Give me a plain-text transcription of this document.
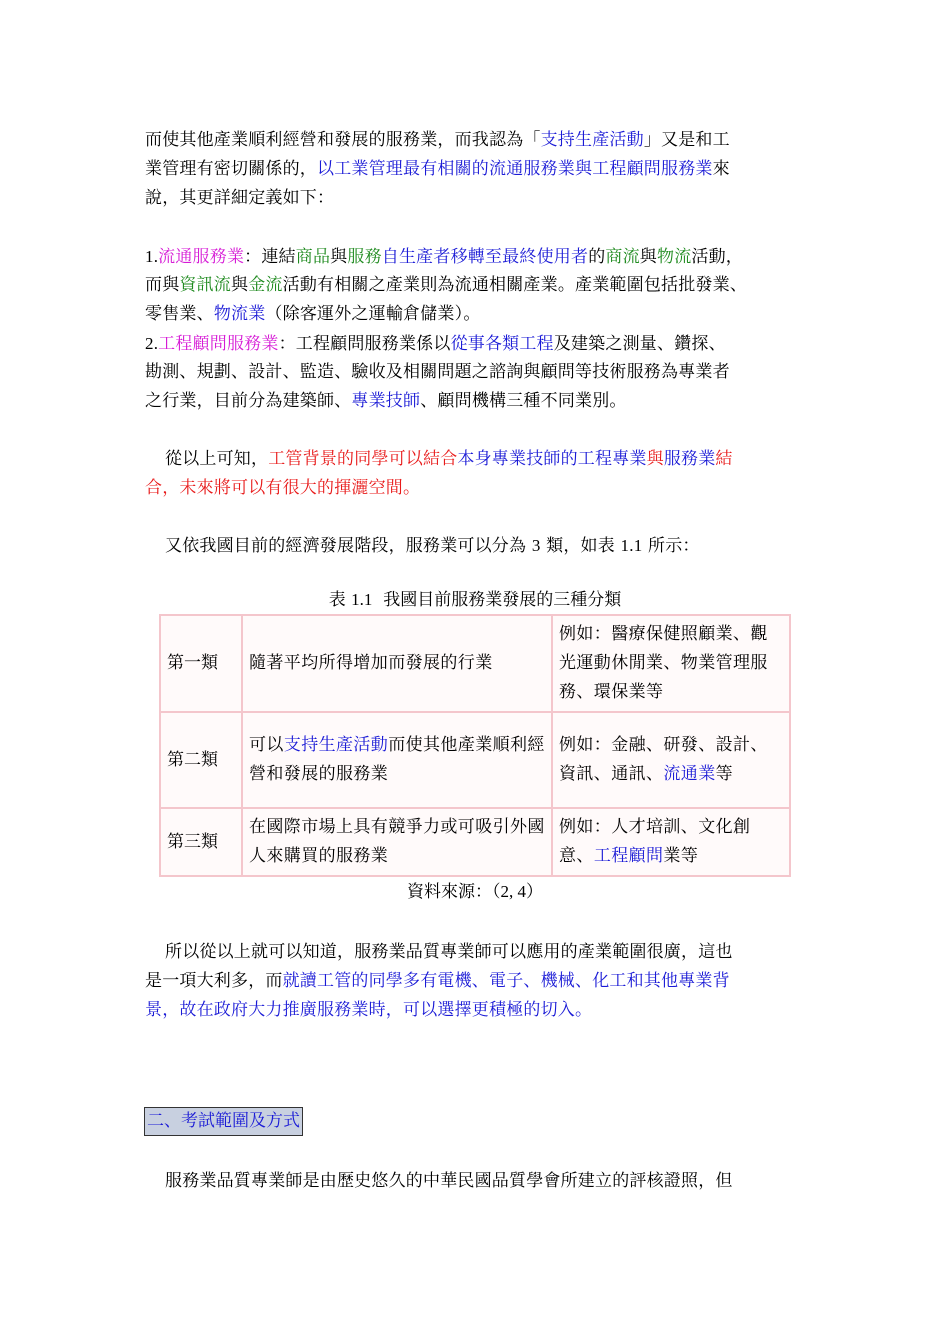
而使其他產業順利經營和發展的服務業，而我認為「支持生產活動」又是和工
業管理有密切關係的，以工業管理最有相關的流通服務業與工程顧問服務業來
說，其更詳細定義如下：
1.流通服務業：連結商品與服務自生產者移轉至最終使用者的商流與物流活動，
而與資訊流與金流活動有相關之產業則為流通相關產業。產業範圍包括批發業、
零售業、物流業（除客運外之運輸倉儲業）。
2.工程顧問服務業：工程顧問服務業係以從事各類工程及建築之測量、鑽探、
勘測、規劃、設計、監造、驗收及相關問題之諮詢與顧問等技術服務為專業者
之行業，目前分為建築師、專業技師、顧問機構三種不同業別。
從以上可知，工管背景的同學可以結合本身專業技師的工程專業與服務業結
合，未來將可以有很大的揮灑空間。
又依我國目前的經濟發展階段，服務業可以分為 3 類，如表 1.1 所示：
表 1.1 我國目前服務業發展的三種分類
第一類	隨著平均所得增加而發展的行業	例如：醫療保健照顧業、觀光運動休閒業、物業管理服務、環保業等
第二類	可以支持生產活動而使其他產業順利經營和發展的服務業	例如：金融、研發、設計、資訊、通訊、流通業等
第三類	在國際市場上具有競爭力或可吸引外國人來購買的服務業	例如：人才培訓、文化創意、工程顧問業等
資料來源：（2, 4）
所以從以上就可以知道，服務業品質專業師可以應用的產業範圍很廣，這也
是一項大利多，而就讀工管的同學多有電機、電子、機械、化工和其他專業背
景，故在政府大力推廣服務業時，可以選擇更積極的切入。
二、考試範圍及方式
服務業品質專業師是由歷史悠久的中華民國品質學會所建立的評核證照，但
